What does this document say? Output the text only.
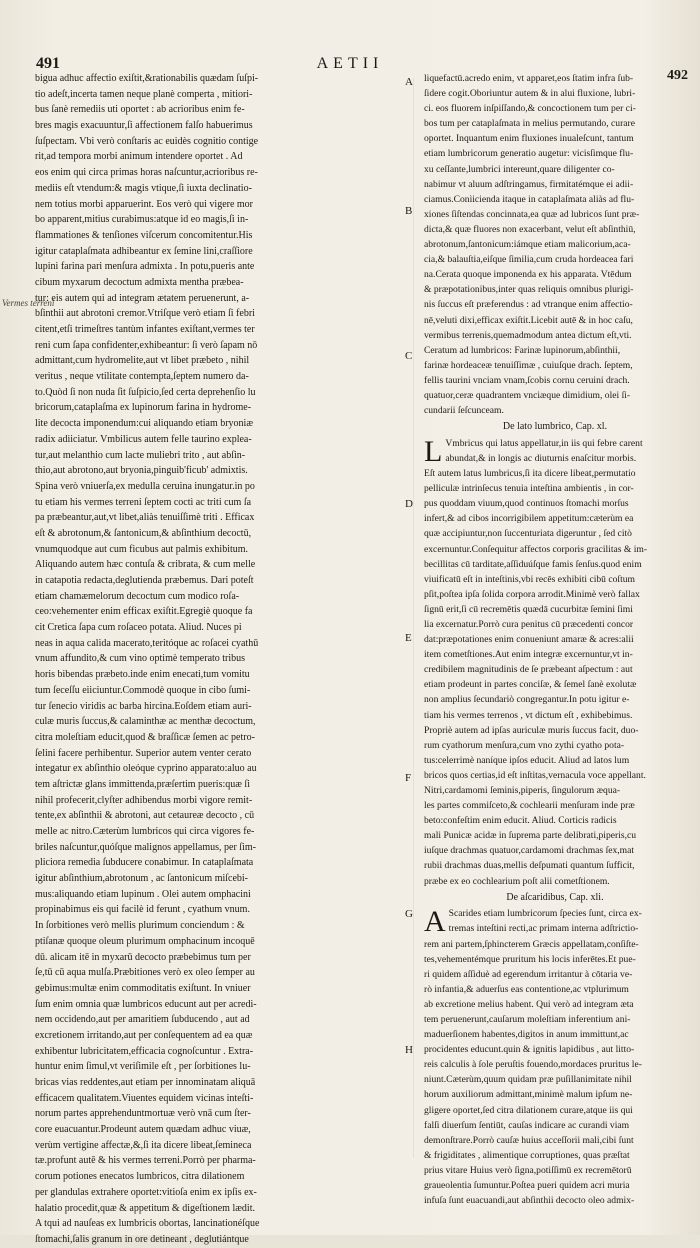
491	AETII
492
Vermes terreni
A
B
C
D
E
F
G
H

bigua adhuc affectio exiſtit,&rationabilis quædam ſuſpi-

tio adeſt,incerta tamen neque planè comperta , mitiori-

bus ſanè remediis uti oportet : ab acrioribus enim fe-

bres magis exacuuntur,ſi affectionem falſo habuerimus

ſuſpectam. Vbi verò conſtaris ac euidès cognitio contige

rit,ad tempora morbi animum intendere oportet . Ad

eos enim qui circa primas horas naſcuntur,acrioribus re-

mediis eſt vtendum:& magis vtique,ſi iuxta declinatio-

nem totius morbi apparuerint. Eos verò qui vigere mor

bo apparent,mitius curabimus:atque id eo magis,ſi in-

flammationes & tenſiones viſcerum concomitentur.His

igitur cataplaſmata adhibeantur ex ſemine lini,craſſiore

lupini farina pari menſura admixta . In potu,pueris ante

cibum myxarum decoctum admixta mentha præbea-

tur: eis autem qui ad integram ætatem peruenerunt, a-

bſinthii aut abrotoni cremor.Vtriſque verò etiam ſi febri

citent,etſi trimeſtres tantùm infantes exiſtant,vermes ter

reni cum ſapa confidenter,exhibeantur: ſi verò ſapam nō

admittant,cum hydromelite,aut vt libet præbeto , nihil

veritus , neque vtilitate contempta,ſeptem numero da-

to.Quòd ſi non nuda ſit ſuſpicio,ſed certa deprehenſio lu

bricorum,cataplaſma ex lupinorum farina in hydrome-

lite decocta imponendum:cui aliquando etiam bryoniæ

radix adiiciatur. Vmbilicus autem felle taurino explea-

tur,aut melanthio cum lacte muliebri trito , aut abſin-

thio,aut abrotono,aut bryonia,pinguib'ficub' admixtis.

Spina verò vniuerſa,ex medulla ceruina inungatur.in po

tu etiam his vermes terreni ſeptem coctì ac triti cum ſa

pa præbeantur,aut,vt libet,aliàs tenuiſſimè triti . Efficax

eſt & abrotonum,& ſantonicum,& abſinthium decoctū,

vnumquodque aut cum ficubus aut palmis exhibitum.

Aliquando autem hæc contuſa & cribrata, & cum melle

in catapotia redacta,deglutienda præbemus. Dari poteſt

etiam chamæmelorum decoctum cum modico roſa-

ceo:vehementer enim efficax exiſtit.Egregiè quoque fa

cit Cretica ſapa cum roſaceo potata. Aliud. Nuces pi

neas in aqua calida macerato,teritóque ac roſacei cyathū

vnum affundito,& cum vino optimè temperato tribus

horis bibendas præbeto.inde enim enecati,tum vomitu

tum ſeceſſu eiiciuntur.Commodè quoque in cibo ſumi-

tur ſenecio viridis ac barba hircina.Eoſdem etiam auri-

culæ muris ſuccus,& calaminthæ ac menthæ decoctum,

citra moleſtiam educit,quod & braſſicæ ſemen ac petro-

ſelini facere perhibentur. Superior autem venter cerato

integatur ex abſinthio oleóque cyprino apparato:aluo au

tem aſtrictæ glans immittenda,præſertim pueris:quæ ſi

nihil profecerit,clyſter adhibendus morbi vigore remit-

tente,ex abſinthii & abrotoni, aut cetaureæ decocto , cū

melle ac nitro.Cæterùm lumbricos qui circa vigores fe-

briles naſcuntur,quóſque malignos appellamus, per ſim-

pliciora remedia ſubducere conabimur. In cataplaſmata

igitur abſinthium,abrotonum , ac ſantonicum miſcebi-

mus:aliquando etiam lupinum . Olei autem omphacini

propinabimus eis qui facilè id ferunt , cyathum vnum.

In ſorbitiones verò mellis plurimum conciendum : &

ptiſanæ quoque oleum plurimum omphacinum incoquē

dū. alicam itē in myxarū decocto præbebimus tum per

ſe,tū cū aqua mulſa.Præbitiones verò ex oleo ſemper au

gebimus:multæ enim commoditatis exiſtunt. In vniuer

ſum enim omnia quæ lumbricos educunt aut per acredi-

nem occidendo,aut per amaritiem ſubducendo , aut ad

excretionem irritando,aut per conſequentem ad ea quæ

exhibentur lubricitatem,efficacia cognoſcuntur . Extra-

huntur enim ſimul,vt veriſimile eſt , per ſorbitiones lu-

bricas vias reddentes,aut etiam per innominatam aliquā

efficacem qualitatem.Viuentes equidem vicinas inteſti-

norum partes apprehenduntmortuæ verò vnā cum ſter-

core euacuantur.Prodeunt autem quædam adhuc viuæ,

verùm vertigine affectæ,&,ſi ita dicere libeat,ſemineca

tæ.profunt autē & his vermes terreni.Porrò per pharma-

corum potiones enecatos lumbricos, citra dilationem

per glandulas extrahere oportet:vitioſa enim ex ipſis ex-

halatio procedit,quæ & appetitum & digeſtionem lædit.

A tqui ad nauſeas ex lumbricis obortas, lancinationéſque

ſtomachi,ſalis granum in ore detineant , deglutiántque

liquefactū.acredo enim, vt apparet,eos ſtatim infra ſub-

ſidere cogit.Oboriuntur autem & in alui fluxione, lubri-

ci. eos fluorem inſpiſſando,& concoctionem tum per ci-

bos tum per cataplaſmata in melius permutando, curare

oportet. Inquantum enim fluxiones inualeſcunt, tantum

etiam lumbricorum generatio augetur: vicisſimque flu-

xu ceſſante,lumbrici intereunt,quare diligenter co-

nabimur vt aluum adſtringamus, firmitatémque ei adii-

ciamus.Conìicienda itaque in cataplaſmata aliàs ad flu-

xiones ſiſtendas concinnata,ea quæ ad lubricos ſunt præ-

dicta,& quæ fluores non exacerbant, velut eſt abſinthiū,

abrotonum,ſantonicum:iámque etiam malicorium,aca-

cia,& balauſtia,eiſque ſimilia,cum cruda hordeacea fari

na.Cerata quoque imponenda ex his apparata. Vtēdum

& præpotationibus,inter quas reliquis omnibus plurigi-

nis ſuccus eſt præferendus : ad vtranque enim affectio-

nē,veluti dixi,efficax exiſtit.Licebit autē & in hoc caſu,

vermibus terrenis,quemadmodum antea dictum eſt,vti.

Ceratum ad lumbricos: Farinæ lupinorum,abſinthii,

farinæ hordeaceæ tenuiſſimæ , cuiuſque drach. ſeptem,

fellis taurini vnciam vnam,ſcobis cornu ceruini drach.

quatuor,ceræ quadrantem vnciæque dimidium, olei ſi-

cundarii ſeſcunceam.

De lato lumbrico, Cap. xl.
L Vmbricus qui latus appellatur,in iis qui febre carent

abundat,& in longis ac diuturnis enaſcitur morbis.

Eſt autem latus lumbricus,ſi ita dicere libeat,permutatio

pelliculæ intrinſecus tenuia inteſtina ambientis , in cor-

pus quoddam viuum,quod continuos ſtomachi morſus

infert,& ad cibos incorrigibilem appetitum:cæterùm ea

quæ accipiuntur,non ſuccenturiata digeruntur , ſed citò

excernuntur.Conſequitur affectos corporis gracilitas & im-

becillitas cū tarditate,aſſiduúſque famis ſenſus.quod enim

viuificatū eſt in inteſtinis,vbi recēs exhibiti cibū coſtum

pſit,poſtea ipſa ſolida corpora arrodit.Minimè verò fallax

ſignū erit,ſi cū recremētis quædā cucurbitæ ſemini ſimi

lia excernatur.Porrò cura penitus cū præcedenti concor

dat:præpotationes enim conueniunt amaræ & acres:alii

item cometſtiones.Aut enim integræ excernuntur,vt in-

credibilem magnitudinis de ſe præbeant aſpectum : aut

etiam prodeunt in partes conciſæ, & ſemel ſanè exolutæ

non amplius ſecundariò congregantur.In potu igitur e-

tiam his vermes terrenos , vt dictum eſt , exhibebimus.

Propriè autem ad ipſas auriculæ muris ſuccus facit, duo-

rum cyathorum menſura,cum vno zythi cyatho pota-

tus:celerrimè naníque ipſos educit. Aliud ad latos lum

bricos quos certias,id eſt inſtitas,vernacula voce appellant.

Nitri,cardamomi ſeminis,piperis, ſingulorum æqua-

les partes commiſceto,& cochlearii menſuram inde præ

beto:confeſtim enim educit. Aliud. Corticis radicis

mali Punicæ acidæ in ſuprema parte delibrati,piperis,cu

iuſque drachmas quatuor,cardamomi drachmas ſex,mat

rubii drachmas duas,mellis deſpumati quantum ſufficit,

præbe ex eo cochlearium poſt alii cometſtionem.

De aſcaridibus, Cap. xli.
A Scarides etiam lumbricorum ſpecies ſunt, circa ex-

tremas inteſtini recti,ac primam interna adſtrictio-

rem ani partem,ſphincterem Græcis appellatam,conſiſte-

tes,vehementémque pruritum his locis inferētes.Et pue-

ri quidem aſſiduè ad egerendum irritantur à cōtaria ve-

rò infantia,& aduerſus eas contentione,ac vtplurimum

ab excretione melius habent. Qui verò ad integram æta

tem peruenerunt,cauſarum moleſtiam inferentium ani-

maduerſionem habentes,digitos in anum immittunt,ac

procidentes educunt.quin & ignitis lapidibus , aut litto-

reis calculis à ſole peruſtis fouendo,mordaces pruritus le-

niunt.Cæterùm,quum quidam præ puſillanimitate nihil

horum auxiliorum admittant,minimè malum ipſum ne-

gligere oportet,ſed citra dilationem curare,atque iis qui

falſi diuerſum ſentiūt, cauſas indicare ac curandi viam

demonſtrare.Porrò cauſæ huius acceſſorii mali,cibi ſunt

& frigiditates , alimentique corruptiones, quas præſtat

prius vitare Huius verò ſigna,potiſſimū ex recremētorū

graueolentia ſumuntur.Poſtea pueri quidem acri muria

infuſa ſunt euacuandi,aut abſinthii decocto oleo admix-
